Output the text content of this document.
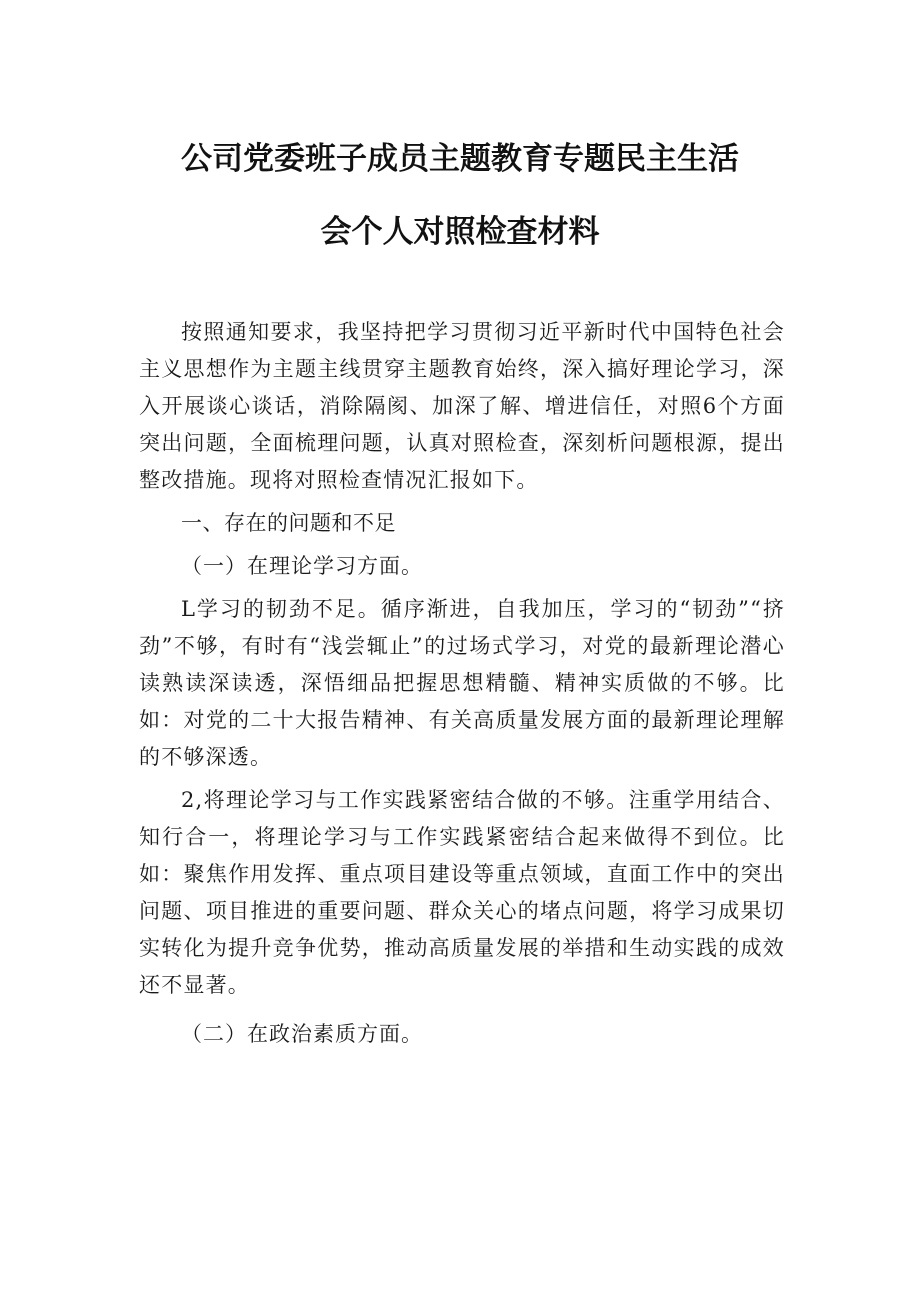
公司党委班子成员主题教育专题民主生活
会个人对照检查材料

按照通知要求，我坚持把学习贯彻习近平新时代中国特色社会主义思想作为主题主线贯穿主题教育始终，深入搞好理论学习，深入开展谈心谈话，消除隔阂、加深了解、增进信任，对照6个方面突出问题，全面梳理问题，认真对照检查，深刻析问题根源，提出整改措施。现将对照检查情况汇报如下。

一、存在的问题和不足

（一）在理论学习方面。

L学习的韧劲不足。循序渐进，自我加压，学习的“韧劲”“挤劲”不够，有时有“浅尝辄止”的过场式学习，对党的最新理论潜心读熟读深读透，深悟细品把握思想精髓、精神实质做的不够。比如：对党的二十大报告精神、有关高质量发展方面的最新理论理解的不够深透。

2,将理论学习与工作实践紧密结合做的不够。注重学用结合、知行合一，将理论学习与工作实践紧密结合起来做得不到位。比如：聚焦作用发挥、重点项目建设等重点领域，直面工作中的突出问题、项目推进的重要问题、群众关心的堵点问题，将学习成果切实转化为提升竞争优势，推动高质量发展的举措和生动实践的成效还不显著。

（二）在政治素质方面。
